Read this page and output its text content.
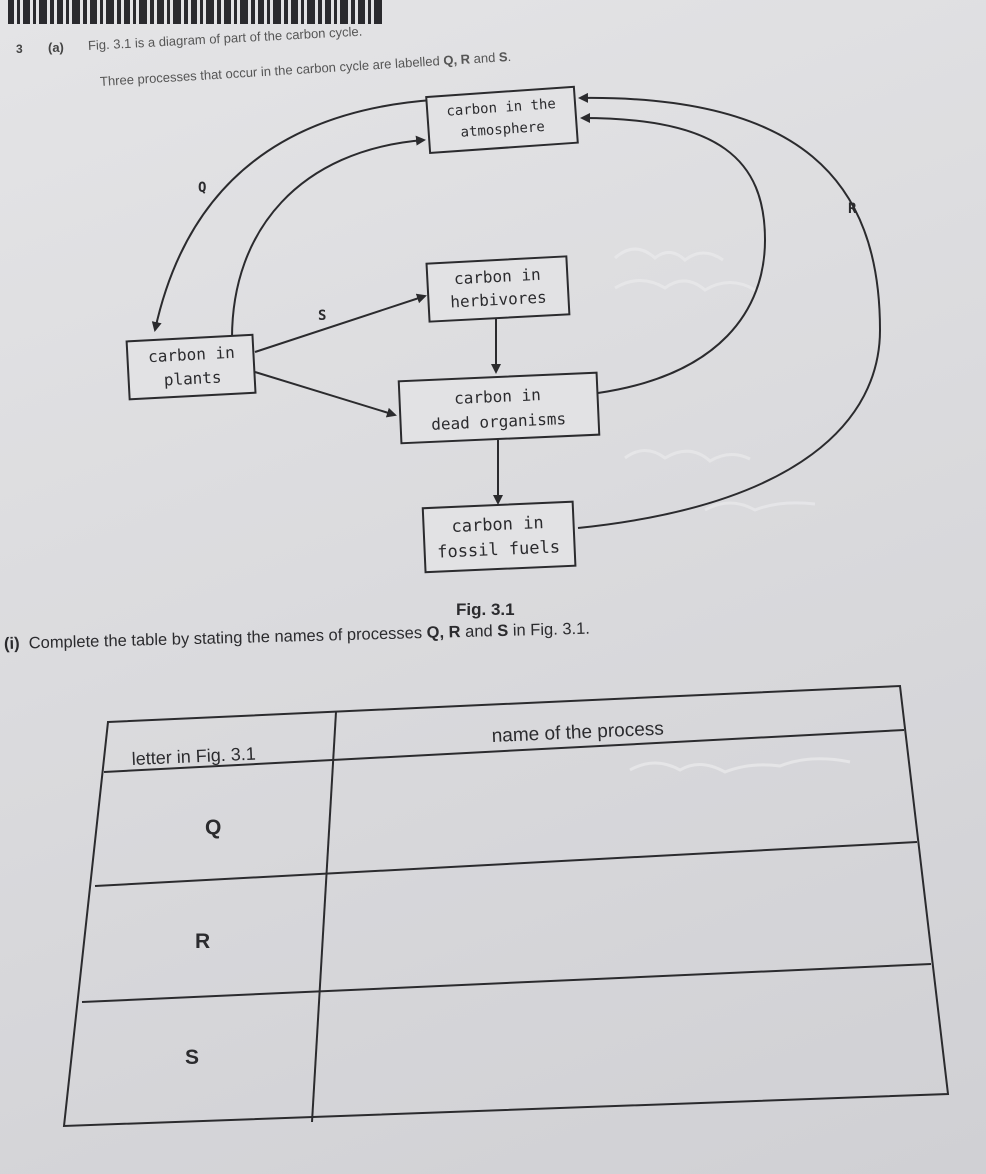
3 (a) Fig. 3.1 is a diagram of part of the carbon cycle.
Three processes that occur in the carbon cycle are labelled Q, R and S.
carbon in the
atmosphere
carbon in
herbivores
carbon in
plants
carbon in
dead organisms
carbon in
fossil fuels
Q
R
S
Fig. 3.1
(i) Complete the table by stating the names of processes Q, R and S in Fig. 3.1.
letter in Fig. 3.1
name of the process
Q
R
S
